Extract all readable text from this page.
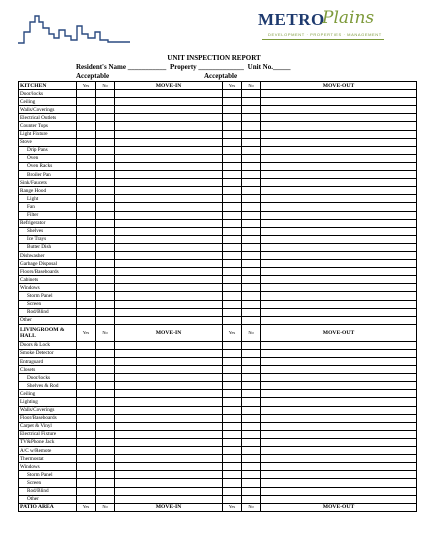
METRO
Plains
DEVELOPMENT · PROPERTIES · MANAGEMENT
UNIT INSPECTION REPORT
Resident's Name ___________ Property _____________ Unit No._____
Acceptable	Acceptable
KITCHEN	Yes	No	MOVE-IN	Yes	No	MOVE-OUT
Door/locks						
Ceiling						
Walls/Coverings						
Electrical Outlets						
Counter Tops						
Light Fixture						
Stove						
Drip Pans						
Oven						
Oven Racks						
Broiler Pan						
Sink/Faucets						
Range Hood						
Light						
Fan						
Filter						
Refrigerator						
Shelves						
Ice Trays						
Butter Dish						
Dishwasher						
Garbage Disposal						
Floors/Baseboards						
Cabinets						
Windows						
Storm Panel						
Screen						
Rod/Blind						
Other						
LIVINGROOM & HALL	Yes	No	MOVE-IN	Yes	No	MOVE-OUT
Doors & Lock						
Smoke Detector						
Entraguard						
Closets						
Door/locks						
Shelves & Rod						
Ceiling						
Lighting						
Walls/Coverings						
Floor/Baseboards						
Carpet & Vinyl						
Electrical Fixture						
TV&Phone Jack						
A/C w/Remote						
Thermostat						
Windows						
Storm Panel						
Screen						
Rod/Blind						
Other						
PATIO AREA	Yes	No	MOVE-IN	Yes	No	MOVE-OUT
